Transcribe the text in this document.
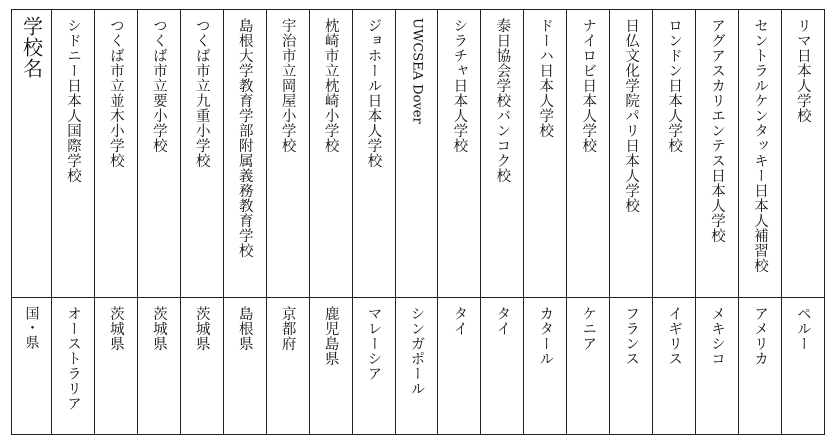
学校名	シドニー日本人国際学校	つくば市立並木小学校	つくば市立要小学校	つくば市立九重小学校	島根大学教育学部附属義務教育学校	宇治市立岡屋小学校	枕崎市立枕崎小学校	ジョホール日本人学校	UWCSEA Dover	シラチャ日本人学校	泰日協会学校バンコク校	ドーハ日本人学校	ナイロビ日本人学校	日仏文化学院パリ日本人学校	ロンドン日本人学校	アグアスカリエンテス日本人学校	セントラルケンタッキー日本人補習校	リマ日本人学校

国・県	オーストラリア	茨城県	茨城県	茨城県	島根県	京都府	鹿児島県	マレーシア	シンガポール	タイ	タイ	カタール	ケニア	フランス	イギリス	メキシコ	アメリカ	ペルー
